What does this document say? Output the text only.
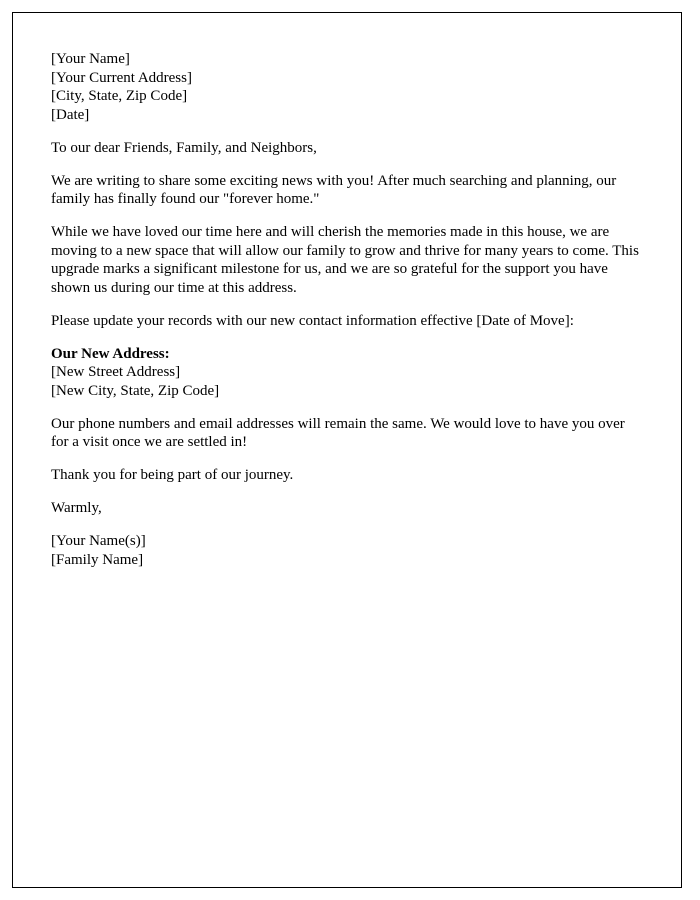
[Your Name]
[Your Current Address]
[City, State, Zip Code]
[Date]

To our dear Friends, Family, and Neighbors,

We are writing to share some exciting news with you! After much searching and planning, our family has finally found our "forever home."

While we have loved our time here and will cherish the memories made in this house, we are moving to a new space that will allow our family to grow and thrive for many years to come. This upgrade marks a significant milestone for us, and we are so grateful for the support you have shown us during our time at this address.

Please update your records with our new contact information effective [Date of Move]:

Our New Address:
[New Street Address]
[New City, State, Zip Code]

Our phone numbers and email addresses will remain the same. We would love to have you over for a visit once we are settled in!

Thank you for being part of our journey.

Warmly,

[Your Name(s)]
[Family Name]
